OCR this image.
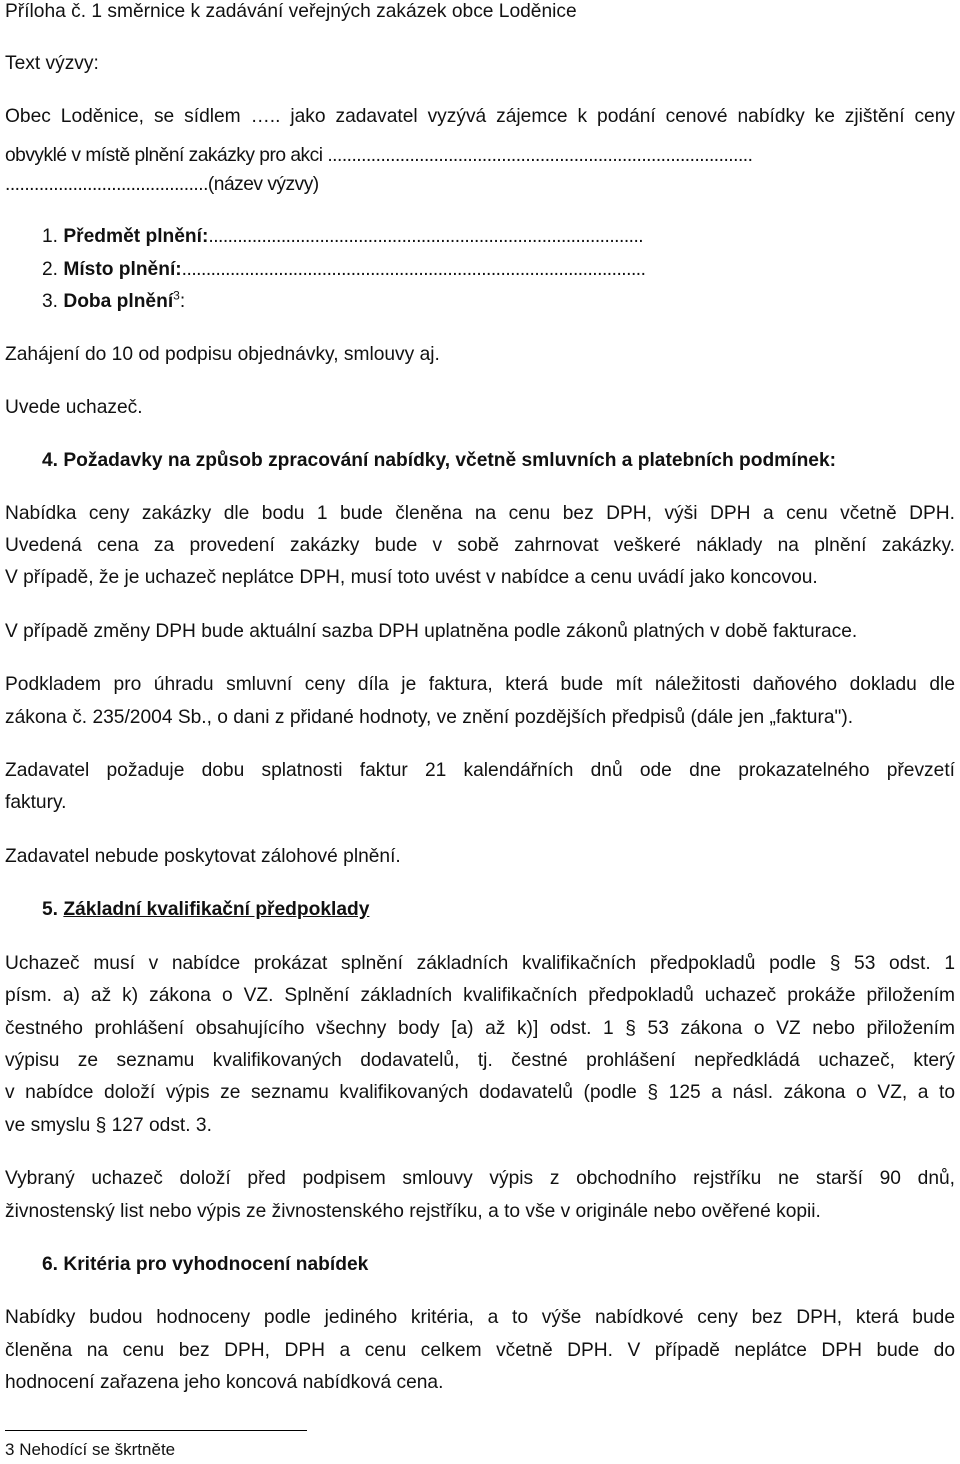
Příloha č. 1 směrnice k zadávání veřejných zakázek obce Loděnice

Text výzvy:

Obec Loděnice, se sídlem ….. jako zadavatel vyzývá zájemce k podání cenové nabídky ke zjištění ceny

obvyklé v místě plnění zakázky pro akci ........................................................................................

..........................................(název výzvy)

1. Předmět plnění:..........................................................................................

2. Místo plnění:................................................................................................

3. Doba plnění$^3$:

Zahájení do 10 od podpisu objednávky, smlouvy aj.

Uvede uchazeč.

4. Požadavky na způsob zpracování nabídky, včetně smluvních a platebních podmínek:

Nabídka ceny zakázky dle bodu 1 bude členěna na cenu bez DPH, výši DPH a cenu včetně DPH.

Uvedená cena za provedení zakázky bude v sobě zahrnovat veškeré náklady na plnění zakázky.

V případě, že je uchazeč neplátce DPH, musí toto uvést v nabídce a cenu uvádí jako koncovou.

V případě změny DPH bude aktuální sazba DPH uplatněna podle zákonů platných v době fakturace.

Podkladem pro úhradu smluvní ceny díla je faktura, která bude mít náležitosti daňového dokladu dle

zákona č. 235/2004 Sb., o dani z přidané hodnoty, ve znění pozdějších předpisů (dále jen „faktura").

Zadavatel požaduje dobu splatnosti faktur 21 kalendářních dnů ode dne prokazatelného převzetí

faktury.

Zadavatel nebude poskytovat zálohové plnění.

5. Základní kvalifikační předpoklady

Uchazeč musí v nabídce prokázat splnění základních kvalifikačních předpokladů podle § 53 odst. 1

písm. a) až k) zákona o VZ. Splnění základních kvalifikačních předpokladů uchazeč prokáže přiložením

čestného prohlášení obsahujícího všechny body [a) až k)] odst. 1 § 53 zákona o VZ nebo přiložením

výpisu ze seznamu kvalifikovaných dodavatelů, tj. čestné prohlášení nepředkládá uchazeč, který

v nabídce doloží výpis ze seznamu kvalifikovaných dodavatelů (podle § 125 a násl. zákona o VZ, a to

ve smyslu § 127 odst. 3.

Vybraný uchazeč doloží před podpisem smlouvy výpis z obchodního rejstříku ne starší 90 dnů,

živnostenský list nebo výpis ze živnostenského rejstříku, a to vše v originále nebo ověřené kopii.

6. Kritéria pro vyhodnocení nabídek

Nabídky budou hodnoceny podle jediného kritéria, a to výše nabídkové ceny bez DPH, která bude

členěna na cenu bez DPH, DPH a cenu celkem včetně DPH. V případě neplátce DPH bude do

hodnocení zařazena jeho koncová nabídková cena.

3 Nehodící se škrtněte
